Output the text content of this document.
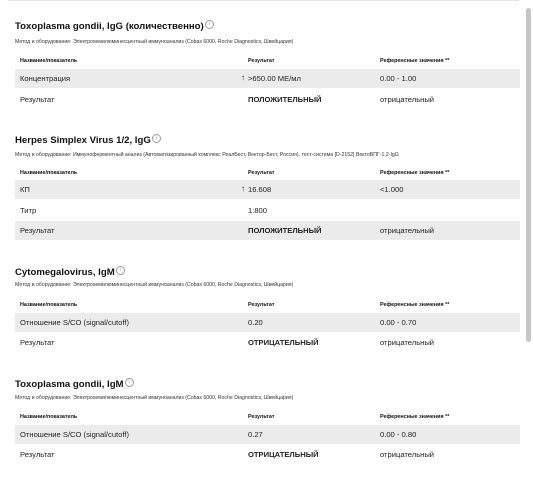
Toxoplasma gondii, IgG (количественно) i
Метод и оборудование: Электрохемилюминесцентный иммуноанализ (Cobas 6000, Roche Diagnostics, Швейцария)
Название/показатель	Результат	Референсные значения **
Концентрация	↑ >650.00 МЕ/мл	0.00 - 1.00
Результат	ПОЛОЖИТЕЛЬНЫЙ	отрицательный
Herpes Simplex Virus 1/2, IgG i
Метод и оборудование: Иммуноферментный анализ (Автоматизированный комплекс РеалБест, Вектор-Бест, Россия), тест-система [D-2152] ВектоВПГ-1,2-IgG
Название/показатель	Результат	Референсные значения **
КП	↑ 16.608	<1.000
Титр	1:800
Результат	ПОЛОЖИТЕЛЬНЫЙ	отрицательный
Cytomegalovirus, IgM i
Метод и оборудование: Электрохемилюминесцентный иммуноанализ (Cobas 6000, Roche Diagnostics, Швейцария)
Название/показатель	Результат	Референсные значения **
Отношение S/CO (signal/cutoff)	0.20	0.00 - 0.70
Результат	ОТРИЦАТЕЛЬНЫЙ	отрицательный
Toxoplasma gondii, IgM i
Метод и оборудование: Электрохемилюминесцентный иммуноанализ (Cobas 6000, Roche Diagnostics, Швейцария)
Название/показатель	Результат	Референсные значения **
Отношение S/CO (signal/cutoff)	0.27	0.00 - 0.80
Результат	ОТРИЦАТЕЛЬНЫЙ	отрицательный
